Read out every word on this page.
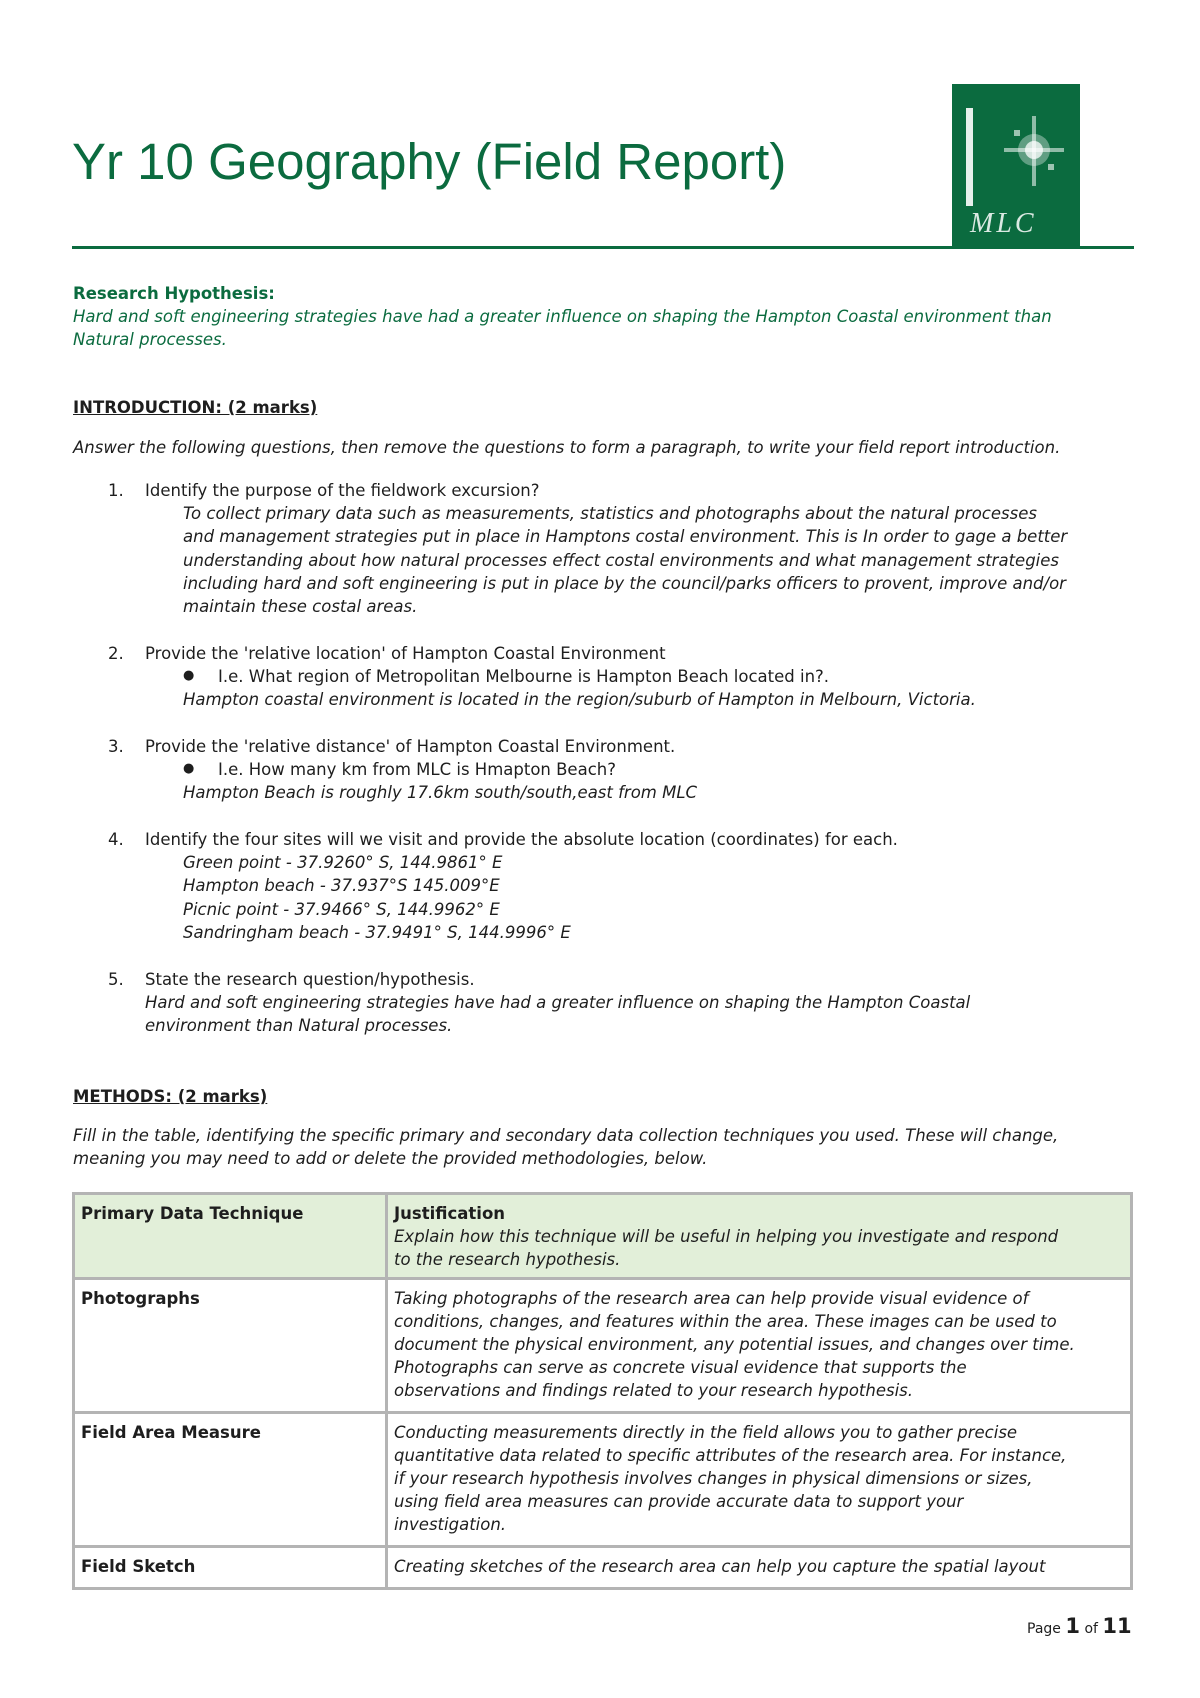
Yr 10 Geography (Field Report)
MLC
Research Hypothesis:
Hard and soft engineering strategies have had a greater influence on shaping the Hampton Coastal environment than
Natural processes.
INTRODUCTION: (2 marks)
Answer the following questions, then remove the questions to form a paragraph, to write your field report introduction.
1. Identify the purpose of the fieldwork excursion?
To collect primary data such as measurements, statistics and photographs about the natural processes
and management strategies put in place in Hamptons costal environment. This is In order to gage a better
understanding about how natural processes effect costal environments and what management strategies
including hard and soft engineering is put in place by the council/parks officers to provent, improve and/or
maintain these costal areas.
2. Provide the 'relative location' of Hampton Coastal Environment
● I.e. What region of Metropolitan Melbourne is Hampton Beach located in?.
Hampton coastal environment is located in the region/suburb of Hampton in Melbourn, Victoria.
3. Provide the 'relative distance' of Hampton Coastal Environment.
● I.e. How many km from MLC is Hmapton Beach?
Hampton Beach is roughly 17.6km south/south,east from MLC
4. Identify the four sites will we visit and provide the absolute location (coordinates) for each.
Green point - 37.9260° S, 144.9861° E
Hampton beach - 37.937°S 145.009°E
Picnic point - 37.9466° S, 144.9962° E
Sandringham beach - 37.9491° S, 144.9996° E
5. State the research question/hypothesis.
Hard and soft engineering strategies have had a greater influence on shaping the Hampton Coastal
environment than Natural processes.
METHODS: (2 marks)
Fill in the table, identifying the specific primary and secondary data collection techniques you used. These will change,
meaning you may need to add or delete the provided methodologies, below.
Primary Data Technique	Justification
Explain how this technique will be useful in helping you investigate and respond
to the research hypothesis.

Photographs	Taking photographs of the research area can help provide visual evidence of
conditions, changes, and features within the area. These images can be used to
document the physical environment, any potential issues, and changes over time.
Photographs can serve as concrete visual evidence that supports the
observations and findings related to your research hypothesis.

Field Area Measure	Conducting measurements directly in the field allows you to gather precise
quantitative data related to specific attributes of the research area. For instance,
if your research hypothesis involves changes in physical dimensions or sizes,
using field area measures can provide accurate data to support your
investigation.

Field Sketch	Creating sketches of the research area can help you capture the spatial layout
Page 1 of 11
